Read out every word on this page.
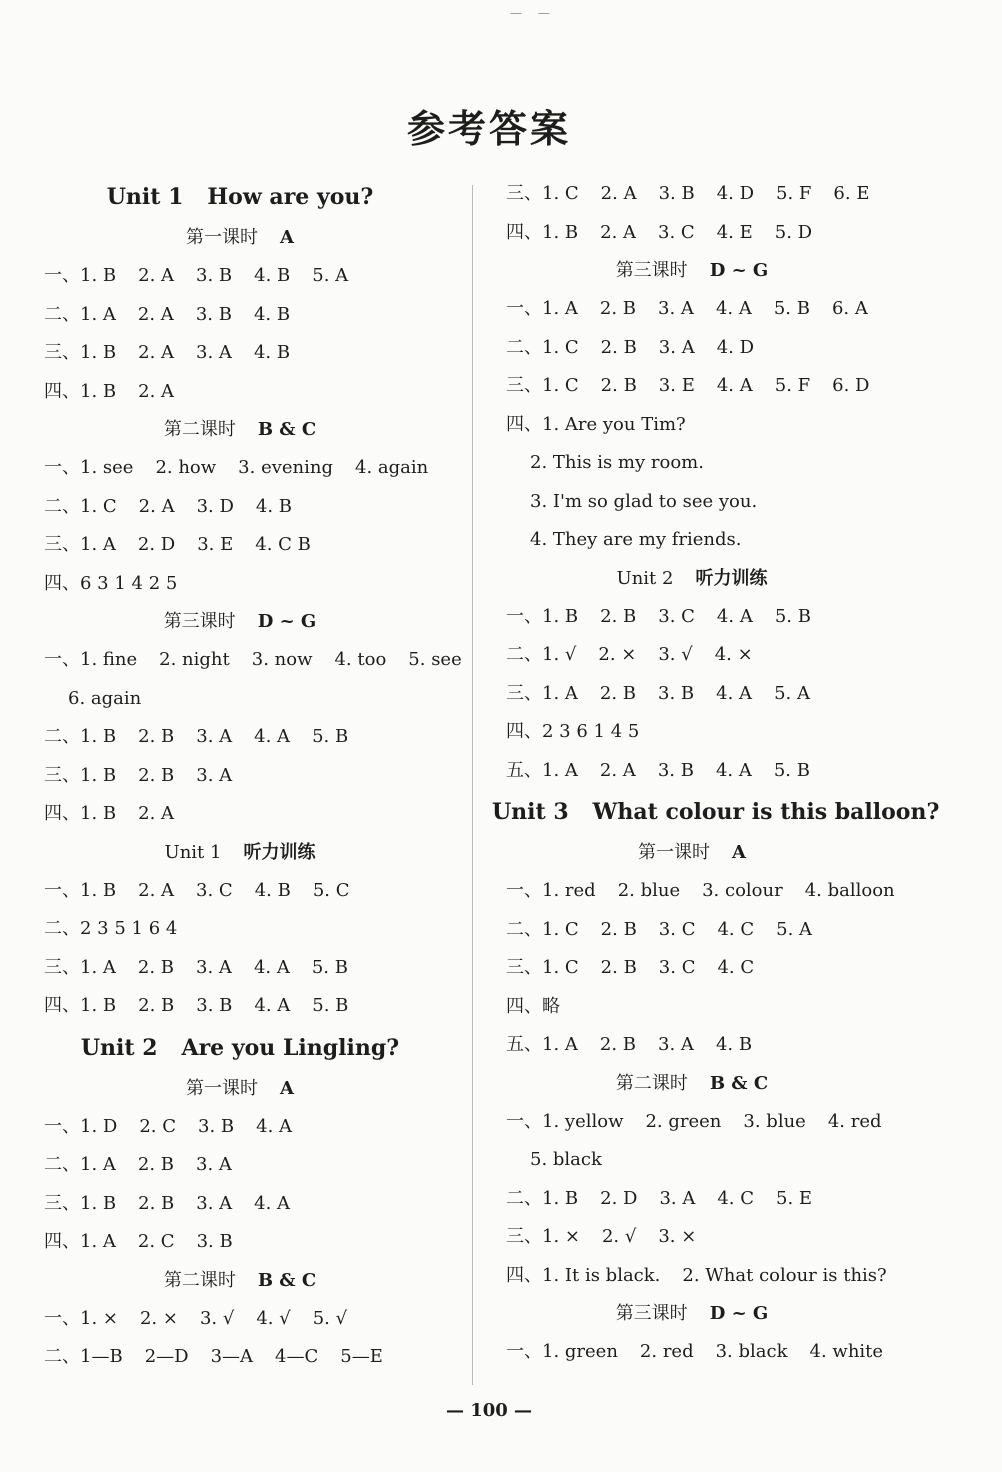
— —
参考答案
Unit 1 How are you?
第一课时 A
一、1. B 2. A 3. B 4. B 5. A
二、1. A 2. A 3. B 4. B
三、1. B 2. A 3. A 4. B
四、1. B 2. A
第二课时 B & C
一、1. see 2. how 3. evening 4. again
二、1. C 2. A 3. D 4. B
三、1. A 2. D 3. E 4. C B
四、6 3 1 4 2 5
第三课时 D ~ G
一、1. fine 2. night 3. now 4. too 5. see
6. again
二、1. B 2. B 3. A 4. A 5. B
三、1. B 2. B 3. A
四、1. B 2. A
Unit 1 听力训练
一、1. B 2. A 3. C 4. B 5. C
二、2 3 5 1 6 4
三、1. A 2. B 3. A 4. A 5. B
四、1. B 2. B 3. B 4. A 5. B
Unit 2 Are you Lingling?
第一课时 A
一、1. D 2. C 3. B 4. A
二、1. A 2. B 3. A
三、1. B 2. B 3. A 4. A
四、1. A 2. C 3. B
第二课时 B & C
一、1. × 2. × 3. √ 4. √ 5. √
二、1—B 2—D 3—A 4—C 5—E
三、1. C 2. A 3. B 4. D 5. F 6. E
四、1. B 2. A 3. C 4. E 5. D
第三课时 D ~ G
一、1. A 2. B 3. A 4. A 5. B 6. A
二、1. C 2. B 3. A 4. D
三、1. C 2. B 3. E 4. A 5. F 6. D
四、1. Are you Tim?
2. This is my room.
3. I'm so glad to see you.
4. They are my friends.
Unit 2 听力训练
一、1. B 2. B 3. C 4. A 5. B
二、1. √ 2. × 3. √ 4. ×
三、1. A 2. B 3. B 4. A 5. A
四、2 3 6 1 4 5
五、1. A 2. A 3. B 4. A 5. B
Unit 3 What colour is this balloon?
第一课时 A
一、1. red 2. blue 3. colour 4. balloon
二、1. C 2. B 3. C 4. C 5. A
三、1. C 2. B 3. C 4. C
四、略
五、1. A 2. B 3. A 4. B
第二课时 B & C
一、1. yellow 2. green 3. blue 4. red
5. black
二、1. B 2. D 3. A 4. C 5. E
三、1. × 2. √ 3. ×
四、1. It is black. 2. What colour is this?
第三课时 D ~ G
一、1. green 2. red 3. black 4. white
— 100 —
